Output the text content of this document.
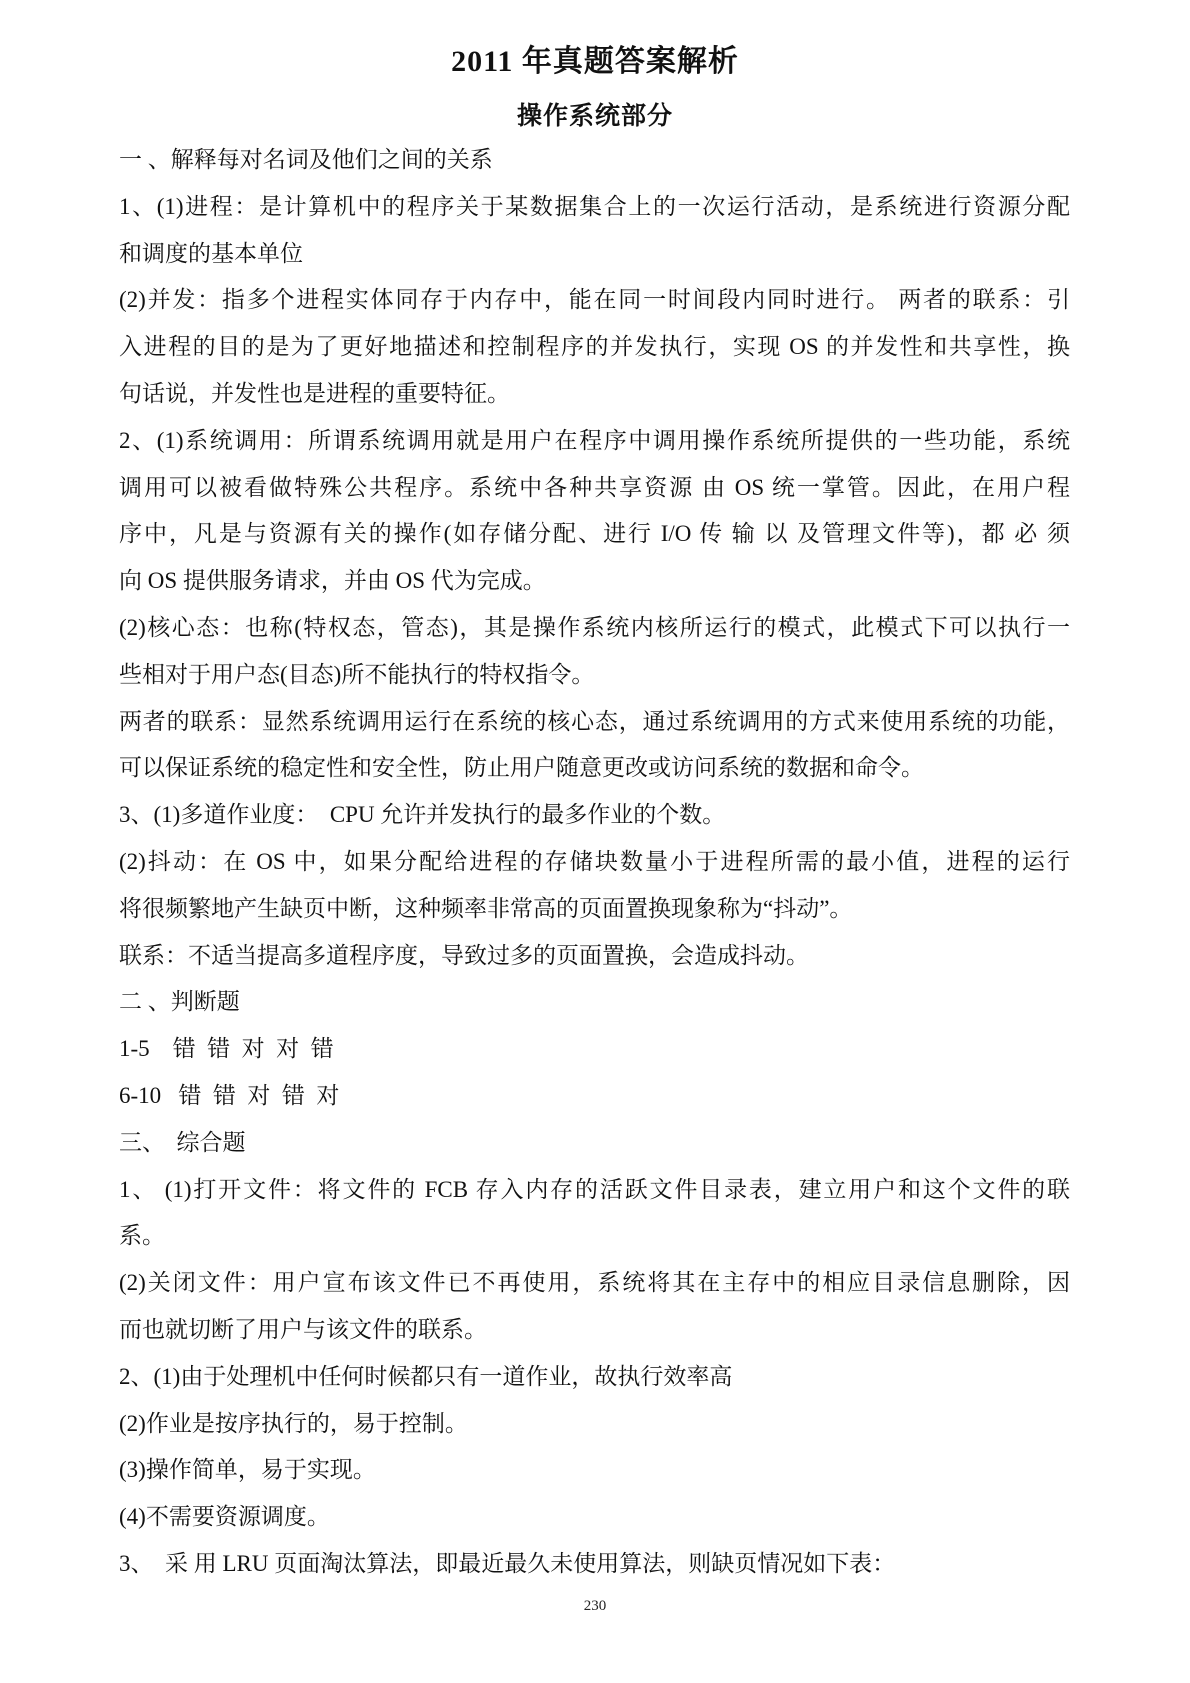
2011 年真题答案解析
操作系统部分
一 、解释每对名词及他们之间的关系
1、(1)进程：是计算机中的程序关于某数据集合上的一次运行活动，是系统进行资源分配
和调度的基本单位
(2)并发：指多个进程实体同存于内存中，能在同一时间段内同时进行。 两者的联系：引
入进程的目的是为了更好地描述和控制程序的并发执行，实现 OS 的并发性和共享性，换
句话说，并发性也是进程的重要特征。
2、(1)系统调用：所谓系统调用就是用户在程序中调用操作系统所提供的一些功能，系统
调用可以被看做特殊公共程序。系统中各种共享资源 由 OS 统一掌管。因此，在用户程
序中，凡是与资源有关的操作(如存储分配、进行 I/O 传 输 以 及管理文件等)，都 必 须
向 OS 提供服务请求，并由 OS 代为完成。
(2)核心态：也称(特权态，管态)，其是操作系统内核所运行的模式，此模式下可以执行一
些相对于用户态(目态)所不能执行的特权指令。
两者的联系：显然系统调用运行在系统的核心态，通过系统调用的方式来使用系统的功能，
可以保证系统的稳定性和安全性，防止用户随意更改或访问系统的数据和命令。
3、(1)多道作业度：  CPU 允许并发执行的最多作业的个数。
(2)抖动：在 OS 中，如果分配给进程的存储块数量小于进程所需的最小值，进程的运行
将很频繁地产生缺页中断，这种频率非常高的页面置换现象称为“抖动”。
联系：不适当提高多道程序度，导致过多的页面置换，会造成抖动。
二 、判断题
1-5    错  错  对  对  错
6-10   错  错  对  错  对
三、  综合题
1、 (1)打开文件：将文件的 FCB 存入内存的活跃文件目录表，建立用户和这个文件的联
系。
(2)关闭文件：用户宣布该文件已不再使用，系统将其在主存中的相应目录信息删除，因
而也就切断了用户与该文件的联系。
2、(1)由于处理机中任何时候都只有一道作业，故执行效率高
(2)作业是按序执行的，易于控制。
(3)操作简单，易于实现。
(4)不需要资源调度。
3、  采 用 LRU 页面淘汰算法，即最近最久未使用算法，则缺页情况如下表：
230
